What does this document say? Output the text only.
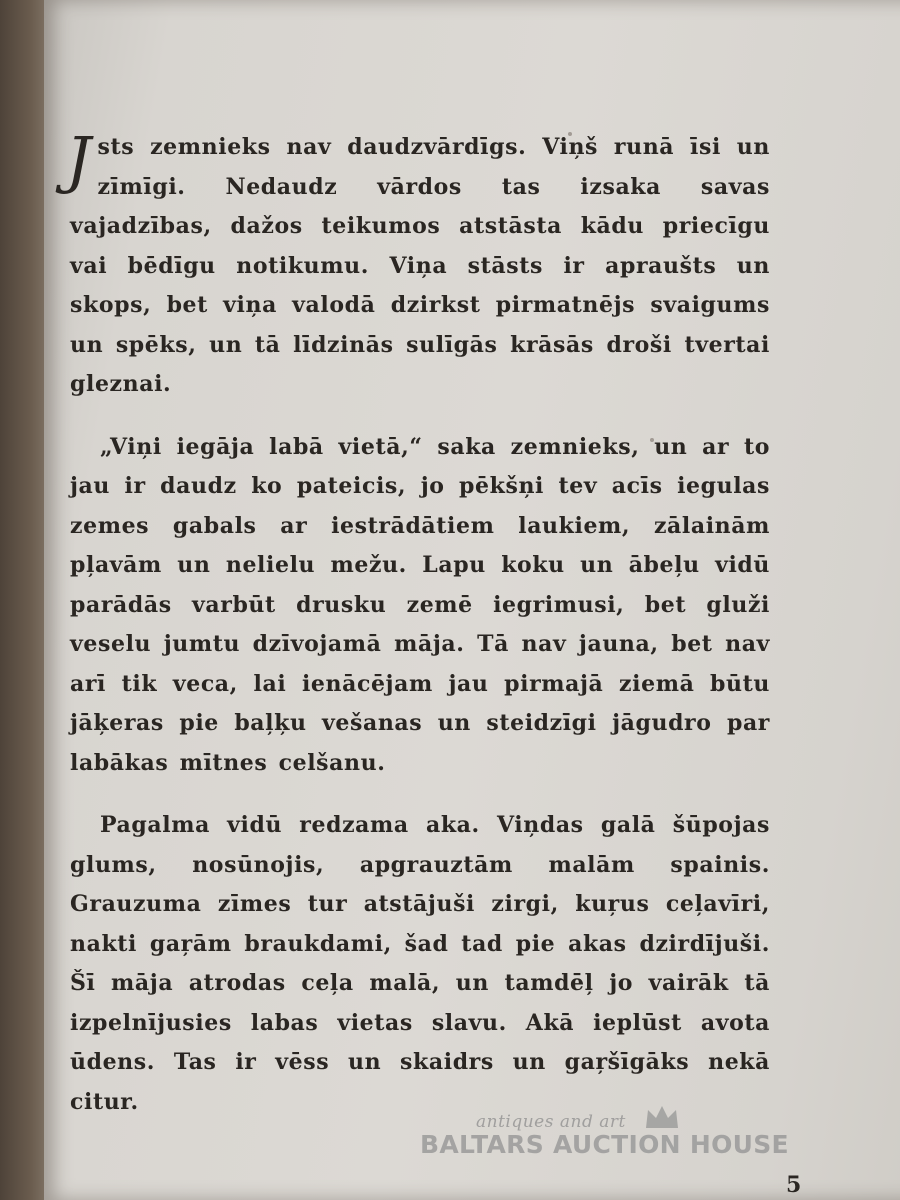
Jsts zemnieks nav daudzvārdīgs. Viņš runā īsi un zīmīgi. Nedaudz vārdos tas izsaka savas vajadzības, dažos teikumos atstāsta kādu priecīgu vai bēdīgu notikumu. Viņa stāsts ir apraušts un skops, bet viņa valodā dzirkst pirmatnējs svaigums un spēks, un tā līdzinās sulīgās krāsās droši tvertai gleznai.

„Viņi iegāja labā vietā,“ saka zemnieks, un ar to jau ir daudz ko pateicis, jo pēkšņi tev acīs iegulas zemes gabals ar iestrādātiem laukiem, zālainām pļavām un nelielu mežu. Lapu koku un ābeļu vidū parādās varbūt drusku zemē iegrimusi, bet gluži veselu jumtu dzīvojamā māja. Tā nav jauna, bet nav arī tik veca, lai ienācējam jau pirmajā ziemā būtu jāķeras pie baļķu vešanas un steidzīgi jāgudro par labākas mītnes celšanu.

Pagalma vidū redzama aka. Viņdas galā šūpojas glums, nosūnojis, apgrauztām malām spainis. Grauzuma zīmes tur atstājuši zirgi, kuŗus ceļavīri, nakti gaŗām braukdami, šad tad pie akas dzirdījuši. Šī māja atrodas ceļa malā, un tamdēļ jo vairāk tā izpelnījusies labas vietas slavu. Akā ieplūst avota ūdens. Tas ir vēss un skaidrs un gaŗšīgāks nekā citur.

antiques and art
BALTARS AUCTION HOUSE
5
